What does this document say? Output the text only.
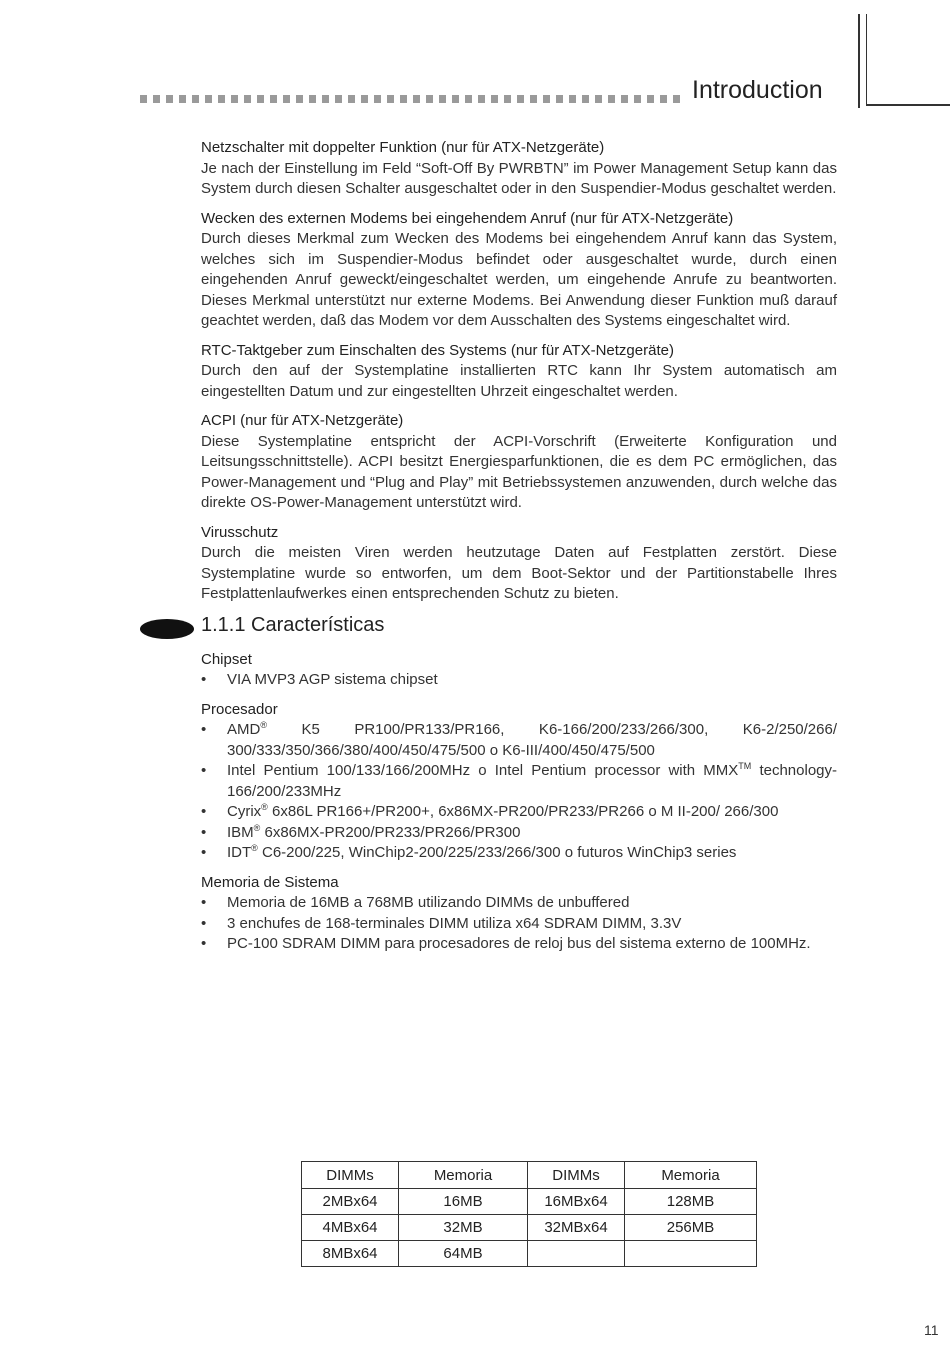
Introduction
Netzschalter mit doppelter Funktion (nur für ATX-Netzgeräte)
Je nach der Einstellung im Feld “Soft-Off By PWRBTN” im Power Management Setup kann das System durch diesen Schalter ausgeschaltet oder in den Suspendier-Modus geschaltet werden.
Wecken des externen Modems bei eingehendem Anruf (nur für ATX-Netzgeräte)
Durch dieses Merkmal zum Wecken des Modems bei eingehendem Anruf kann das System, welches sich im Suspendier-Modus befindet oder ausgeschaltet wurde, durch einen eingehenden Anruf geweckt/eingeschaltet werden, um eingehende Anrufe zu beantworten. Dieses Merkmal unterstützt nur externe Modems. Bei Anwendung dieser Funktion muß darauf geachtet werden, daß das Modem vor dem Ausschalten des Systems eingeschaltet wird.
RTC-Taktgeber zum Einschalten des Systems (nur für ATX-Netzgeräte)
Durch den auf der Systemplatine installierten RTC kann Ihr System automatisch am eingestellten Datum und zur eingestellten Uhrzeit eingeschaltet werden.
ACPI (nur für ATX-Netzgeräte)
Diese Systemplatine entspricht der ACPI-Vorschrift (Erweiterte Konfiguration und Leitsungsschnittstelle). ACPI besitzt Energiesparfunktionen, die es dem PC ermöglichen, das Power-Management und “Plug and Play” mit Betriebssystemen anzuwenden, durch welche das direkte OS-Power-Management unterstützt wird.
Virusschutz
Durch die meisten Viren werden heutzutage Daten auf Festplatten zerstört. Diese Systemplatine wurde so entworfen, um dem Boot-Sektor und der Partitionstabelle Ihres Festplattenlaufwerkes einen entsprechenden Schutz zu bieten.
1.1.1 Características
Chipset
• VIA MVP3 AGP sistema chipset
Procesador
• AMD® K5 PR100/PR133/PR166, K6-166/200/233/266/300, K6-2/250/266/ 300/333/350/366/380/400/450/475/500 o K6-III/400/450/475/500
• Intel Pentium 100/133/166/200MHz o Intel Pentium processor with MMX™ technology-166/200/233MHz
• Cyrix® 6x86L PR166+/PR200+, 6x86MX-PR200/PR233/PR266 o M II-200/ 266/300
• IBM® 6x86MX-PR200/PR233/PR266/PR300
• IDT® C6-200/225, WinChip2-200/225/233/266/300 o futuros WinChip3 series
Memoria de Sistema
• Memoria de 16MB a 768MB utilizando DIMMs de unbuffered
• 3 enchufes de 168-terminales DIMM utiliza x64 SDRAM DIMM, 3.3V
• PC-100 SDRAM DIMM para procesadores de reloj bus del sistema externo de 100MHz.
DIMMs	Memoria	DIMMs	Memoria
2MBx64	16MB	16MBx64	128MB
4MBx64	32MB	32MBx64	256MB
8MBx64	64MB		
11
